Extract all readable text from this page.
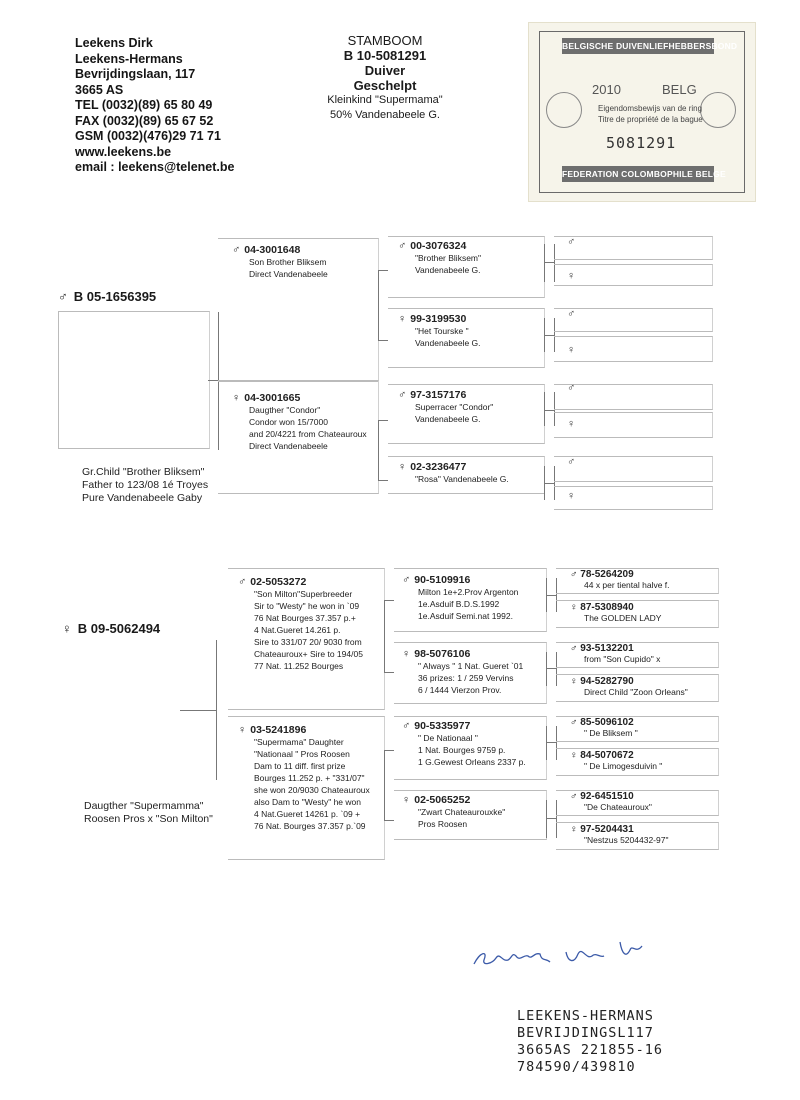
Leekens Dirk
Leekens-Hermans
Bevrijdingslaan, 117
3665 AS
TEL (0032)(89) 65 80 49
FAX (0032)(89) 65 67 52
GSM (0032)(476)29 71 71
www.leekens.be
email : leekens@telenet.be
STAMBOOM
B 10-5081291
Duiver
Geschelpt
Kleinkind "Supermama"
50% Vandenabeele G.
BELGISCHE DUIVENLIEFHEBBERSBOND
2010	BELG
Eigendomsbewijs van de ring
Titre de propriété de la bague
5081291
FEDERATION COLOMBOPHILE BELGE
♂ B 05-1656395
Gr.Child "Brother Bliksem"
Father to 123/08 1é Troyes
Pure Vandenabeele Gaby
♂ 04-3001648
Son Brother Bliksem
Direct Vandenabeele
♀ 04-3001665
Daugther "Condor"
Condor won 15/7000
and 20/4221 from Chateauroux
Direct Vandenabeele
♂ 00-3076324
"Brother Bliksem"
Vandenabeele G.
♀ 99-3199530
"Het Tourske "
Vandenabeele G.
♂ 97-3157176
Superracer "Condor"
Vandenabeele G.
♀ 02-3236477
"Rosa" Vandenabeele G.
♂
♀
♂
♀
♂
♀
♂
♀
♀ B 09-5062494
Daugther "Supermamma"
Roosen Pros x "Son Milton"
♂ 02-5053272
"Son Milton"Superbreeder
Sir to "Westy" he won in `09
76 Nat Bourges 37.357 p.+
4 Nat.Gueret 14.261 p.
Sire to 331/07 20/ 9030 from
Chateauroux+ Sire to 194/05
77 Nat. 11.252 Bourges
♀ 03-5241896
"Supermama" Daughter
"Nationaal " Pros Roosen
Dam to 11 diff. first prize
Bourges 11.252 p. + "331/07"
she won 20/9030 Chateauroux
also Dam to "Westy" he won
4 Nat.Gueret 14261 p. `09 +
76 Nat. Bourges 37.357 p.`09
♂ 90-5109916
Milton 1e+2.Prov Argenton
1e.Asduif B.D.S.1992
1e.Asduif Semi.nat 1992.
♀ 98-5076106
" Always " 1 Nat. Gueret `01
36 prizes: 1 / 259 Vervins
6 / 1444 Vierzon Prov.
♂ 90-5335977
" De Nationaal "
1 Nat. Bourges 9759 p.
1 G.Gewest Orleans 2337 p.
♀ 02-5065252
"Zwart Chateaurouxke"
Pros Roosen
♂ 78-5264209
44 x per tiental halve f.
♀ 87-5308940
The GOLDEN LADY
♂ 93-5132201
from "Son Cupido" x
♀ 94-5282790
Direct Child "Zoon Orleans"
♂ 85-5096102
" De Bliksem "
♀ 84-5070672
" De Limogesduivin "
♂ 92-6451510
"De Chateauroux"
♀ 97-5204431
"Nestzus 5204432-97"
LEEKENS-HERMANS
BEVRIJDINGSL117
3665AS 221855-16
784590/439810
